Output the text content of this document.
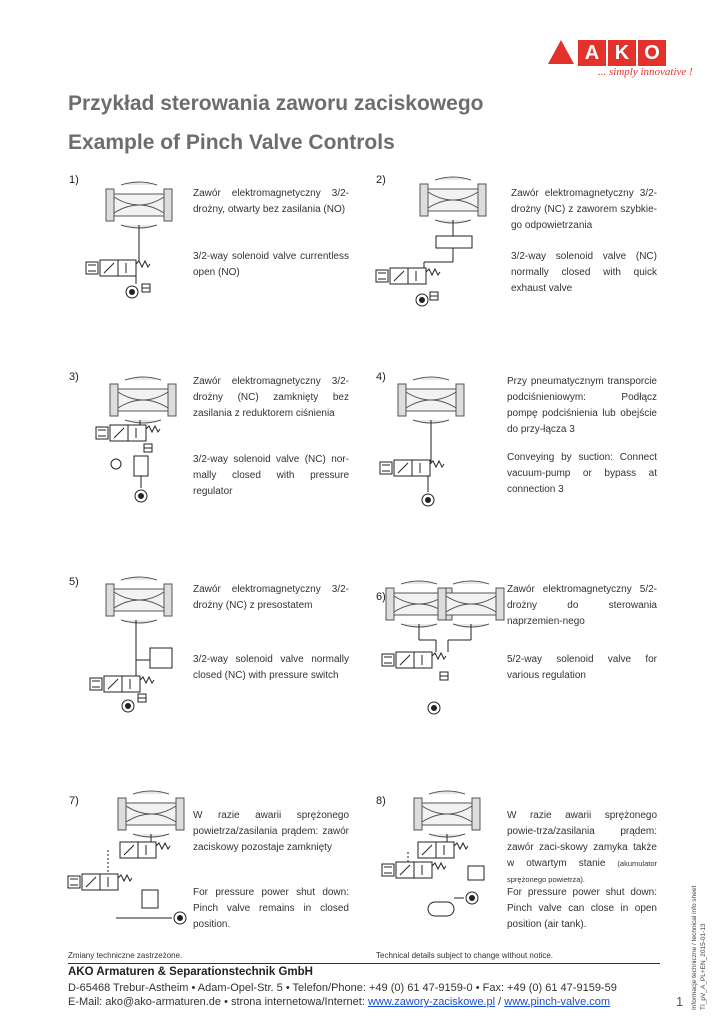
A K O
... simply innovative !
Przykład sterowania zaworu zaciskowego
Example of Pinch Valve Controls
1)
Zawór elektromagnetyczny 3/2-drożny, otwarty bez zasilania (NO)
3/2-way solenoid valve currentless open (NO)
2)
Zawór elektromagnetyczny 3/2-drożny (NC) z zaworem szybkie-go odpowietrzania
3/2-way solenoid valve (NC) normally closed with quick exhaust valve
3)	Zawór elektromagnetyczny 3/2-drożny (NC) zamknięty bez zasilania z reduktorem ciśnienia
3/2-way solenoid valve (NC) nor-mally closed with pressure regulator
4)	Przy pneumatycznym transporcie podciśnieniowym: Podłącz pompę podciśnienia lub obejście do przy-łącza 3
Conveying by suction: Connect vacuum-pump or bypass at connection 3
5)
Zawór elektromagnetyczny 3/2-drożny (NC) z presostatem
3/2-way solenoid valve normally closed (NC) with pressure switch
6)
Zawór elektromagnetyczny 5/2-drożny do sterowania naprzemien-nego
5/2-way solenoid valve for various regulation
7)
W razie awarii sprężonego powietrza/zasilania prądem: zawór zaciskowy pozostaje zamknięty
For pressure power shut down: Pinch valve remains in closed position.
8)
W razie awarii sprężonego powie-trza/zasilania prądem: zawór zaci-skowy zamyka także w otwartym stanie (akumulator sprężonego powietrza).
For pressure power shut down: Pinch valve can close in open position (air tank).
Zmiany techniczne zastrzeżone.	Technical details subject to change without notice.
AKO Armaturen & Separationstechnik GmbH
D-65468 Trebur-Astheim • Adam-Opel-Str. 5 • Telefon/Phone: +49 (0) 61 47-9159-0 • Fax: +49 (0) 61 47-9159-59
E-Mail: ako@ako-armaturen.de • strona internetowa/Internet: www.zawory-zaciskowe.pl / www.pinch-valve.com	1 Informacje techniczne / technical info sheet TI_pV_A_PL+EN_2015-01-13
